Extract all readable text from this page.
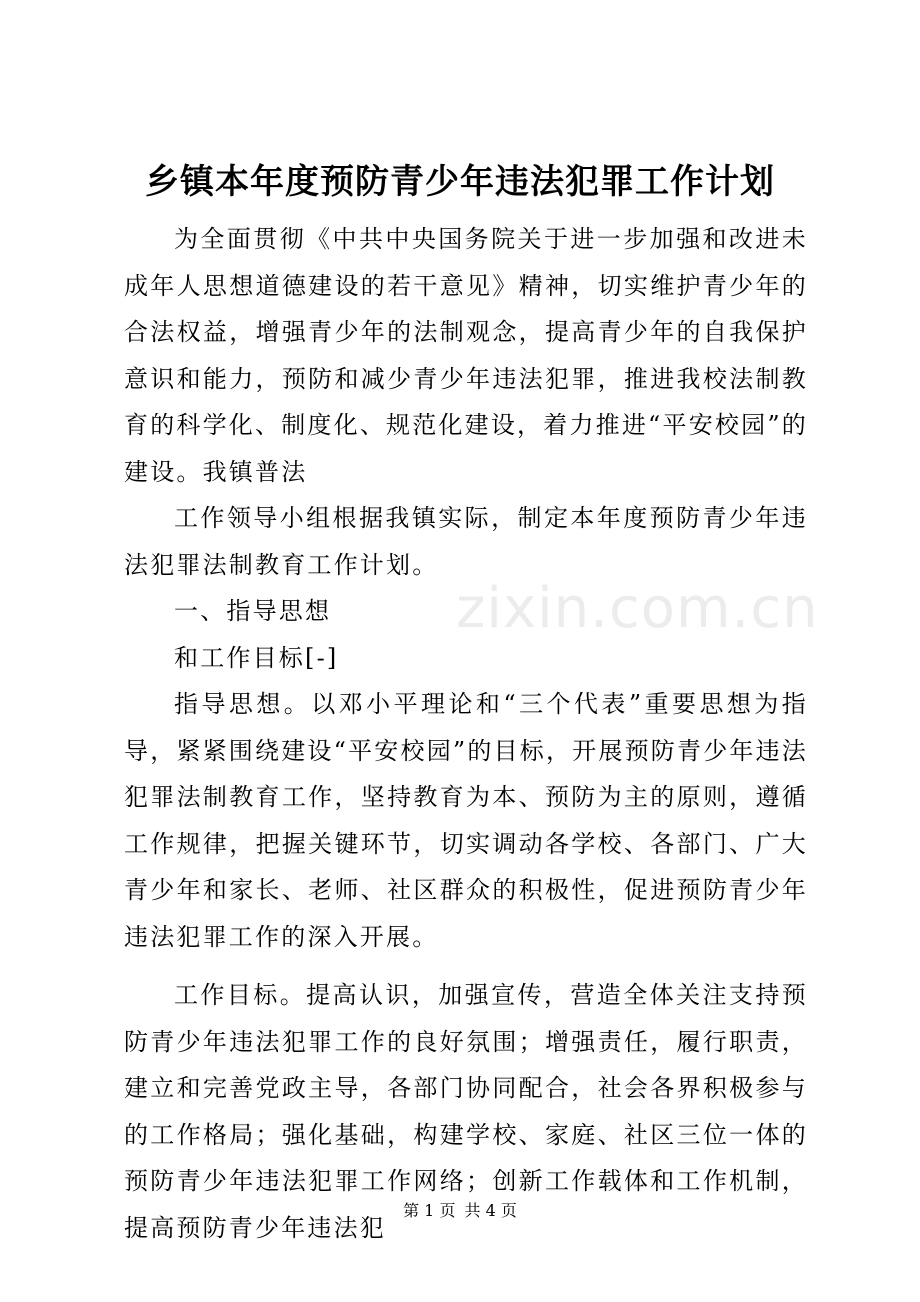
乡镇本年度预防青少年违法犯罪工作计划

为全面贯彻《中共中央国务院关于进一步加强和改进未成年人思想道德建设的若干意见》精神，切实维护青少年的合法权益，增强青少年的法制观念，提高青少年的自我保护意识和能力，预防和减少青少年违法犯罪，推进我校法制教育的科学化、制度化、规范化建设，着力推进“平安校园”的建设。我镇普法

工作领导小组根据我镇实际，制定本年度预防青少年违法犯罪法制教育工作计划。

一、指导思想

和工作目标[-]

指导思想。以邓小平理论和“三个代表”重要思想为指导，紧紧围绕建设“平安校园”的目标，开展预防青少年违法犯罪法制教育工作，坚持教育为本、预防为主的原则，遵循工作规律，把握关键环节，切实调动各学校、各部门、广大青少年和家长、老师、社区群众的积极性，促进预防青少年违法犯罪工作的深入开展。

工作目标。提高认识，加强宣传，营造全体关注支持预防青少年违法犯罪工作的良好氛围；增强责任，履行职责，建立和完善党政主导，各部门协同配合，社会各界积极参与的工作格局；强化基础，构建学校、家庭、社区三位一体的预防青少年违法犯罪工作网络；创新工作载体和工作机制，提高预防青少年违法犯

zixin.com.cn
第 1 页 共 4 页
